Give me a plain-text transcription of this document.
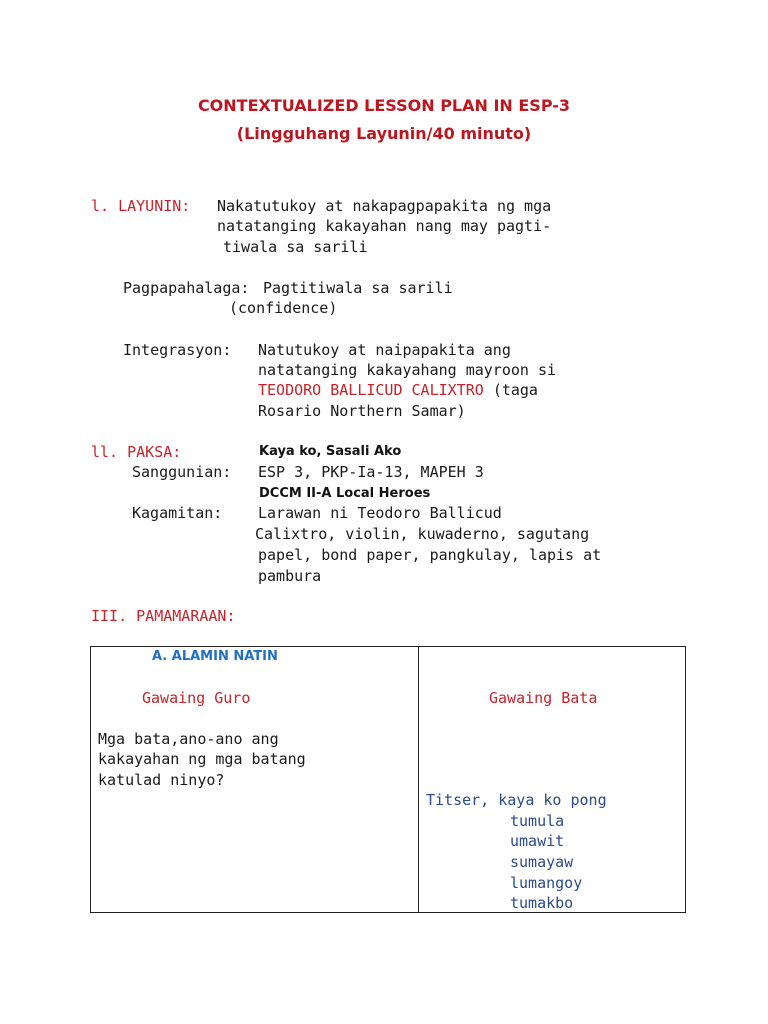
CONTEXTUALIZED LESSON PLAN IN ESP-3
(Lingguhang Layunin/40 minuto)
l. LAYUNIN: Nakatutukoy at nakapagpapakita ng mga
natatanging kakayahan nang may pagti-
tiwala sa sarili
Pagpapahalaga: Pagtitiwala sa sarili
(confidence)
Integrasyon: Natutukoy at naipapakita ang
natatanging kakayahang mayroon si
TEODORO BALLICUD CALIXTRO (taga
Rosario Northern Samar)
ll. PAKSA:	Kaya ko, Sasali Ako
Sanggunian: ESP 3, PKP-Ia-13, MAPEH 3
DCCM II-A Local Heroes
Kagamitan: Larawan ni Teodoro Ballicud
Calixtro, violin, kuwaderno, sagutang
papel, bond paper, pangkulay, lapis at
pambura
III. PAMAMARAAN:
A. ALAMIN NATIN
Gawaing Guro	Gawaing Bata
Mga bata,ano-ano ang
kakayahan ng mga batang
katulad ninyo?
Titser, kaya ko pong
tumula
umawit
sumayaw
lumangoy
tumakbo
